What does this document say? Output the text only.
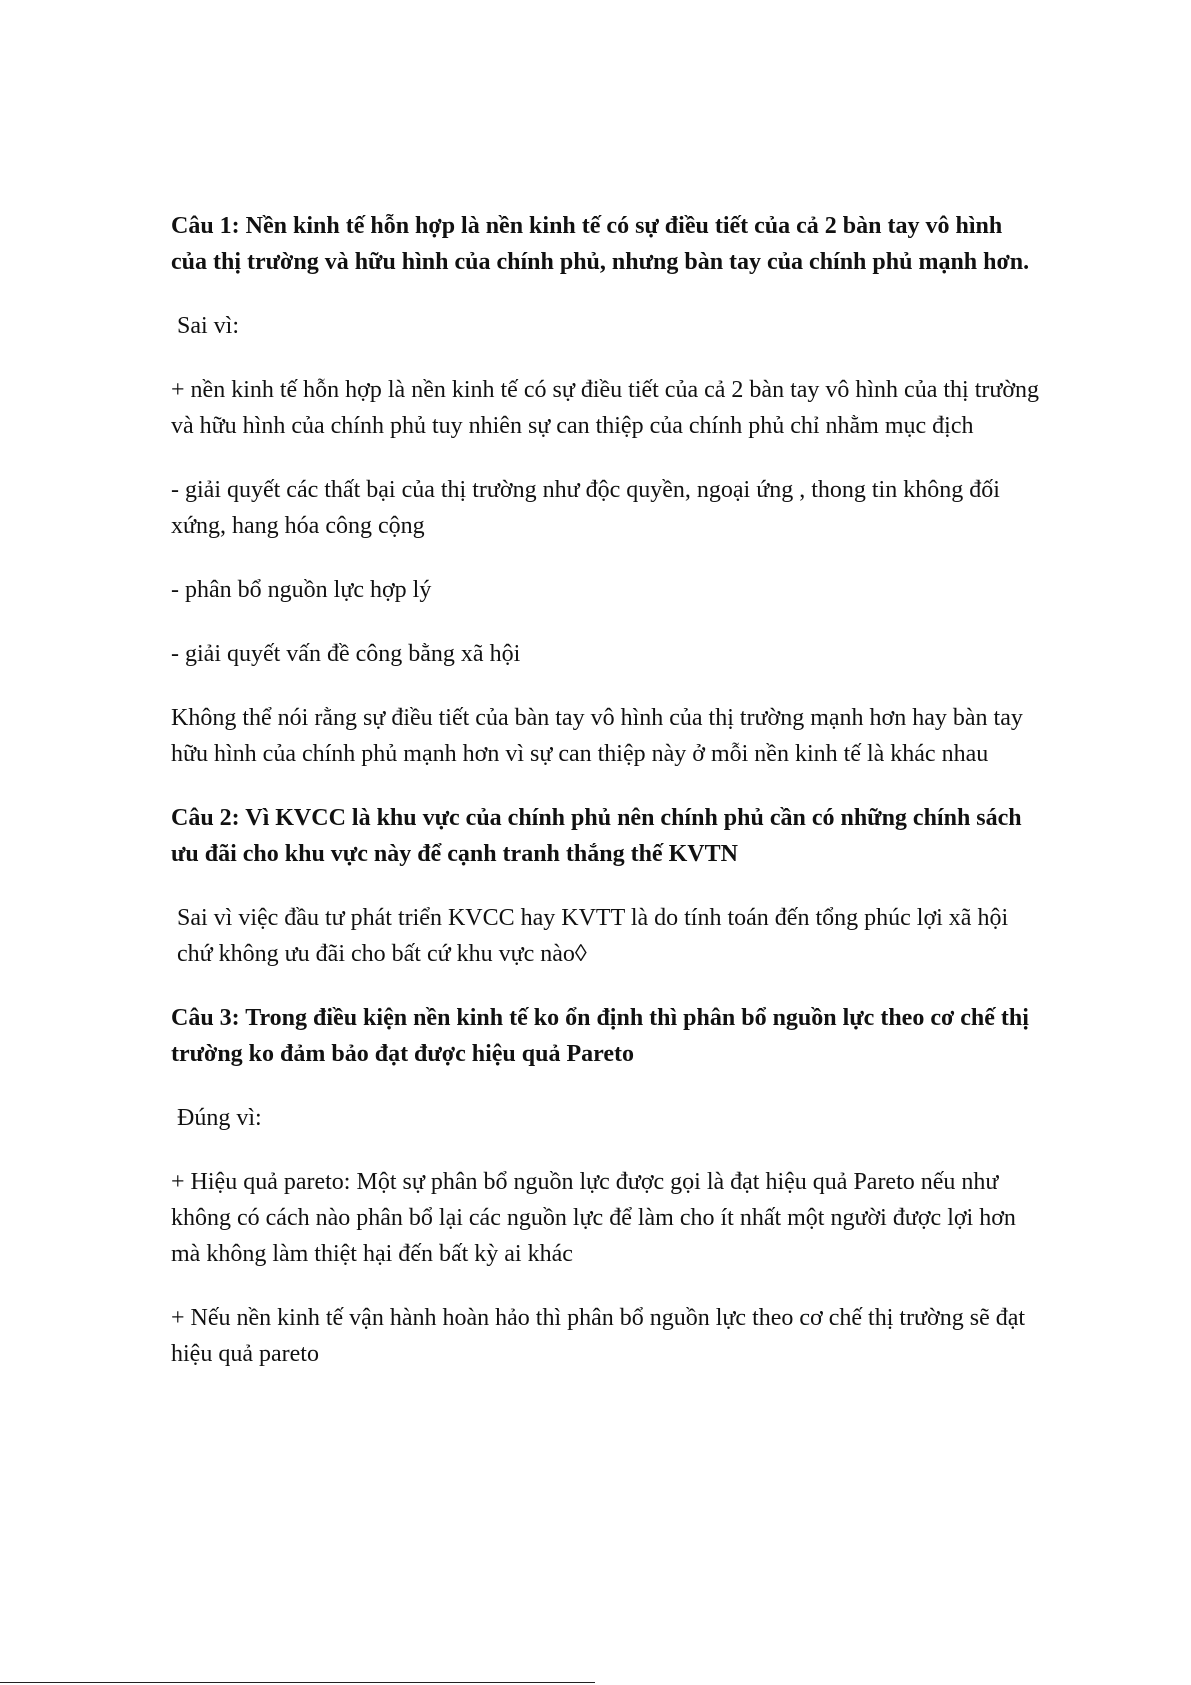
Câu 1: Nền kinh tế hỗn hợp là nền kinh tế có sự điều tiết của cả 2 bàn tay vô hình của thị trường và hữu hình của chính phủ, nhưng bàn tay của chính phủ mạnh hơn.

Sai vì:

+ nền kinh tế hỗn hợp là nền kinh tế có sự điều tiết của cả 2 bàn tay vô hình của thị trường và hữu hình của chính phủ tuy nhiên sự can thiệp của chính phủ chỉ nhằm mục địch

- giải quyết các thất bại của thị trường như độc quyền, ngoại ứng , thong tin không đối xứng, hang hóa công cộng

- phân bổ nguồn lực hợp lý

- giải quyết vấn đề công bằng xã hội

Không thể nói rằng sự điều tiết của bàn tay vô hình của thị trường mạnh hơn hay bàn tay hữu hình của chính phủ mạnh hơn vì sự can thiệp này ở mỗi nền kinh tế là khác nhau

Câu 2: Vì KVCC là khu vực của chính phủ nên chính phủ cần có những chính sách ưu đãi cho khu vực này để cạnh tranh thắng thế KVTN

Sai vì việc đầu tư phát triển KVCC hay KVTT là do tính toán đến tổng phúc lợi xã hội chứ không ưu đãi cho bất cứ khu vực nào◊

Câu 3: Trong điều kiện nền kinh tế ko ổn định thì phân bổ nguồn lực theo cơ chế thị trường ko đảm bảo đạt được hiệu quả Pareto

Đúng vì:

+ Hiệu quả pareto: Một sự phân bổ nguồn lực được gọi là đạt hiệu quả Pareto nếu như không có cách nào phân bổ lại các nguồn lực để làm cho ít nhất một người được lợi hơn mà không làm thiệt hại đến bất kỳ ai khác

+ Nếu nền kinh tế vận hành hoàn hảo thì phân bổ nguồn lực theo cơ chế thị trường sẽ đạt hiệu quả pareto
